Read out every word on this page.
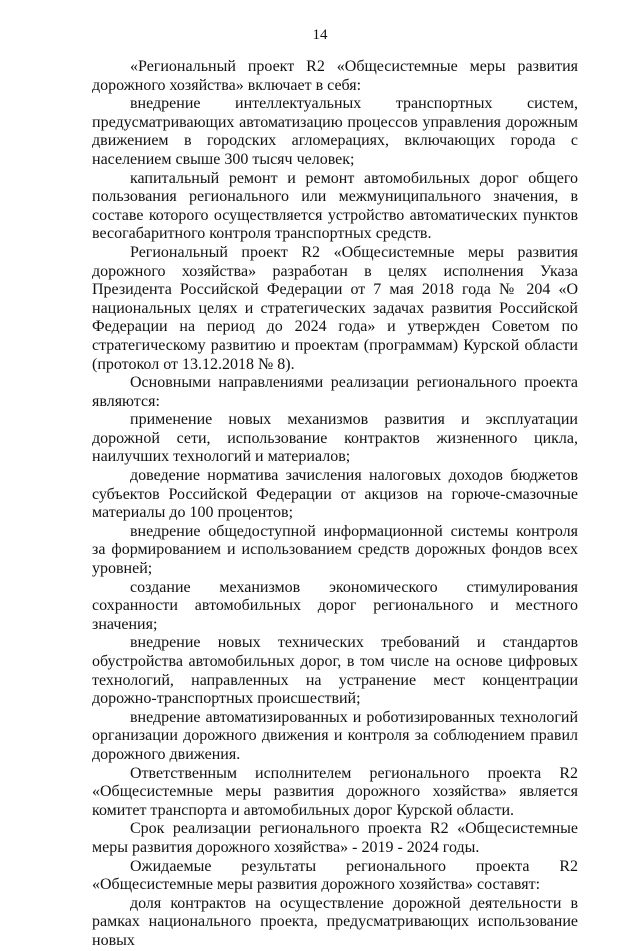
14

«Региональный проект R2 «Общесистемные меры развития дорожного хозяйства» включает в себя:

внедрение интеллектуальных транспортных систем, предусматривающих автоматизацию процессов управления дорожным движением в городских агломерациях, включающих города с населением свыше 300 тысяч человек;

капитальный ремонт и ремонт автомобильных дорог общего пользования регионального или межмуниципального значения, в составе которого осуществляется устройство автоматических пунктов весогабаритного контроля транспортных средств.

Региональный проект R2 «Общесистемные меры развития дорожного хозяйства» разработан в целях исполнения Указа Президента Российской Федерации от 7 мая 2018 года № 204 «О национальных целях и стратегических задачах развития Российской Федерации на период до 2024 года» и утвержден Советом по стратегическому развитию и проектам (программам) Курской области (протокол от 13.12.2018 № 8).

Основными направлениями реализации регионального проекта являются:

применение новых механизмов развития и эксплуатации дорожной сети, использование контрактов жизненного цикла, наилучших технологий и материалов;

доведение норматива зачисления налоговых доходов бюджетов субъектов Российской Федерации от акцизов на горюче-смазочные материалы до 100 процентов;

внедрение общедоступной информационной системы контроля за формированием и использованием средств дорожных фондов всех уровней;

создание механизмов экономического стимулирования сохранности автомобильных дорог регионального и местного значения;

внедрение новых технических требований и стандартов обустройства автомобильных дорог, в том числе на основе цифровых технологий, направленных на устранение мест концентрации дорожно-транспортных происшествий;

внедрение автоматизированных и роботизированных технологий организации дорожного движения и контроля за соблюдением правил дорожного движения.

Ответственным исполнителем регионального проекта R2 «Общесистемные меры развития дорожного хозяйства» является комитет транспорта и автомобильных дорог Курской области.

Срок реализации регионального проекта R2 «Общесистемные меры развития дорожного хозяйства» - 2019 - 2024 годы.

Ожидаемые результаты регионального проекта R2 «Общесистемные меры развития дорожного хозяйства» составят:

доля контрактов на осуществление дорожной деятельности в рамках национального проекта, предусматривающих использование новых
